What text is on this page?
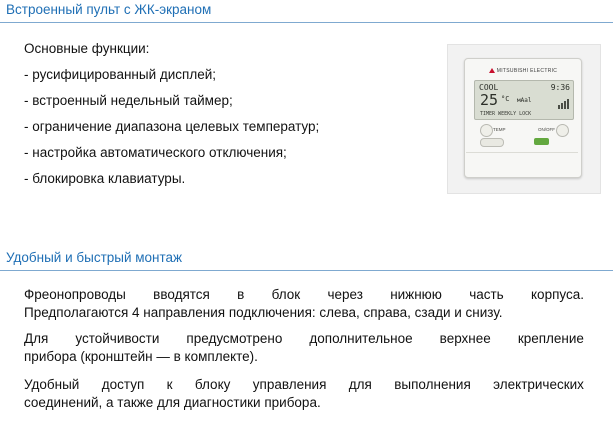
Встроенный пульт с ЖК-экраном
Основные функции:
- русифицированный дисплей;
- встроенный недельный таймер;
- ограничение диапазона целевых температур;
- настройка автоматического отключения;
- блокировка клавиатуры.
MITSUBISHI ELECTRIC
COOL	9:36
25 °C мАаl
TIMER WEEKLY LOCK
TEMP	ON/OFF
Удобный и быстрый монтаж
Фреонопроводы вводятся в блок через нижнюю часть корпуса.
Предполагаются 4 направления подключения: слева, справа, сзади и снизу.
Для устойчивости предусмотрено дополнительное верхнее крепление
прибора (кронштейн — в комплекте).
Удобный доступ к блоку управления для выполнения электрических
соединений, а также для диагностики прибора.
